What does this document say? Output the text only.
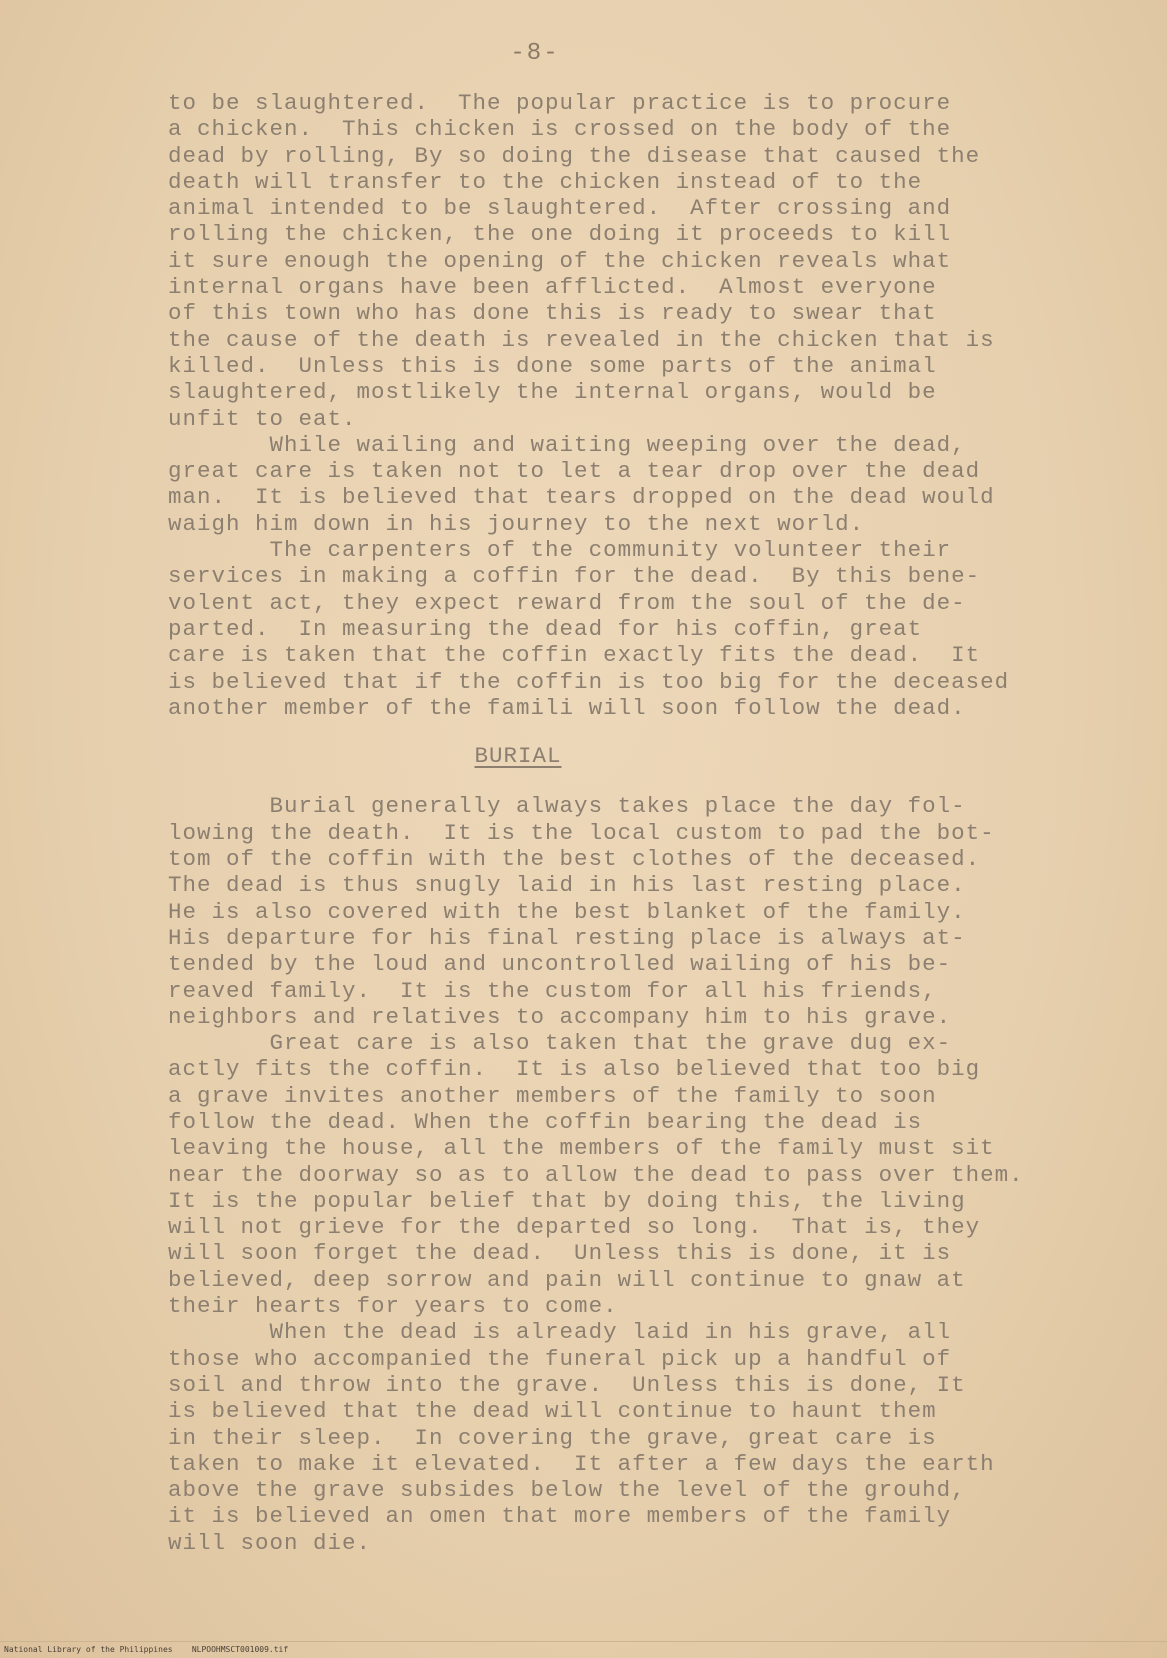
-8-
to be slaughtered.  The popular practice is to procure
a chicken.  This chicken is crossed on the body of the
dead by rolling, By so doing the disease that caused the
death will transfer to the chicken instead of to the
animal intended to be slaughtered.  After crossing and
rolling the chicken, the one doing it proceeds to kill
it sure enough the opening of the chicken reveals what
internal organs have been afflicted.  Almost everyone
of this town who has done this is ready to swear that
the cause of the death is revealed in the chicken that is
killed.  Unless this is done some parts of the animal
slaughtered, mostlikely the internal organs, would be
unfit to eat.
While wailing and waiting weeping over the dead,
great care is taken not to let a tear drop over the dead
man.  It is believed that tears dropped on the dead would
waigh him down in his journey to the next world.
The carpenters of the community volunteer their
services in making a coffin for the dead.  By this bene-
volent act, they expect reward from the soul of the de-
parted.  In measuring the dead for his coffin, great
care is taken that the coffin exactly fits the dead.  It
is believed that if the coffin is too big for the deceased
another member of the famili will soon follow the dead.
BURIAL
Burial generally always takes place the day fol-
lowing the death.  It is the local custom to pad the bot-
tom of the coffin with the best clothes of the deceased.
The dead is thus snugly laid in his last resting place.
He is also covered with the best blanket of the family.
His departure for his final resting place is always at-
tended by the loud and uncontrolled wailing of his be-
reaved family.  It is the custom for all his friends,
neighbors and relatives to accompany him to his grave.
Great care is also taken that the grave dug ex-
actly fits the coffin.  It is also believed that too big
a grave invites another members of the family to soon
follow the dead. When the coffin bearing the dead is
leaving the house, all the members of the family must sit
near the doorway so as to allow the dead to pass over them.
It is the popular belief that by doing this, the living
will not grieve for the departed so long.  That is, they
will soon forget the dead.  Unless this is done, it is
believed, deep sorrow and pain will continue to gnaw at
their hearts for years to come.
When the dead is already laid in his grave, all
those who accompanied the funeral pick up a handful of
soil and throw into the grave.  Unless this is done, It
is believed that the dead will continue to haunt them
in their sleep.  In covering the grave, great care is
taken to make it elevated.  It after a few days the earth
above the grave subsides below the level of the grouhd,
it is believed an omen that more members of the family
will soon die.
National Library of the Philippines    NLPOOHMSCT001009.tif
